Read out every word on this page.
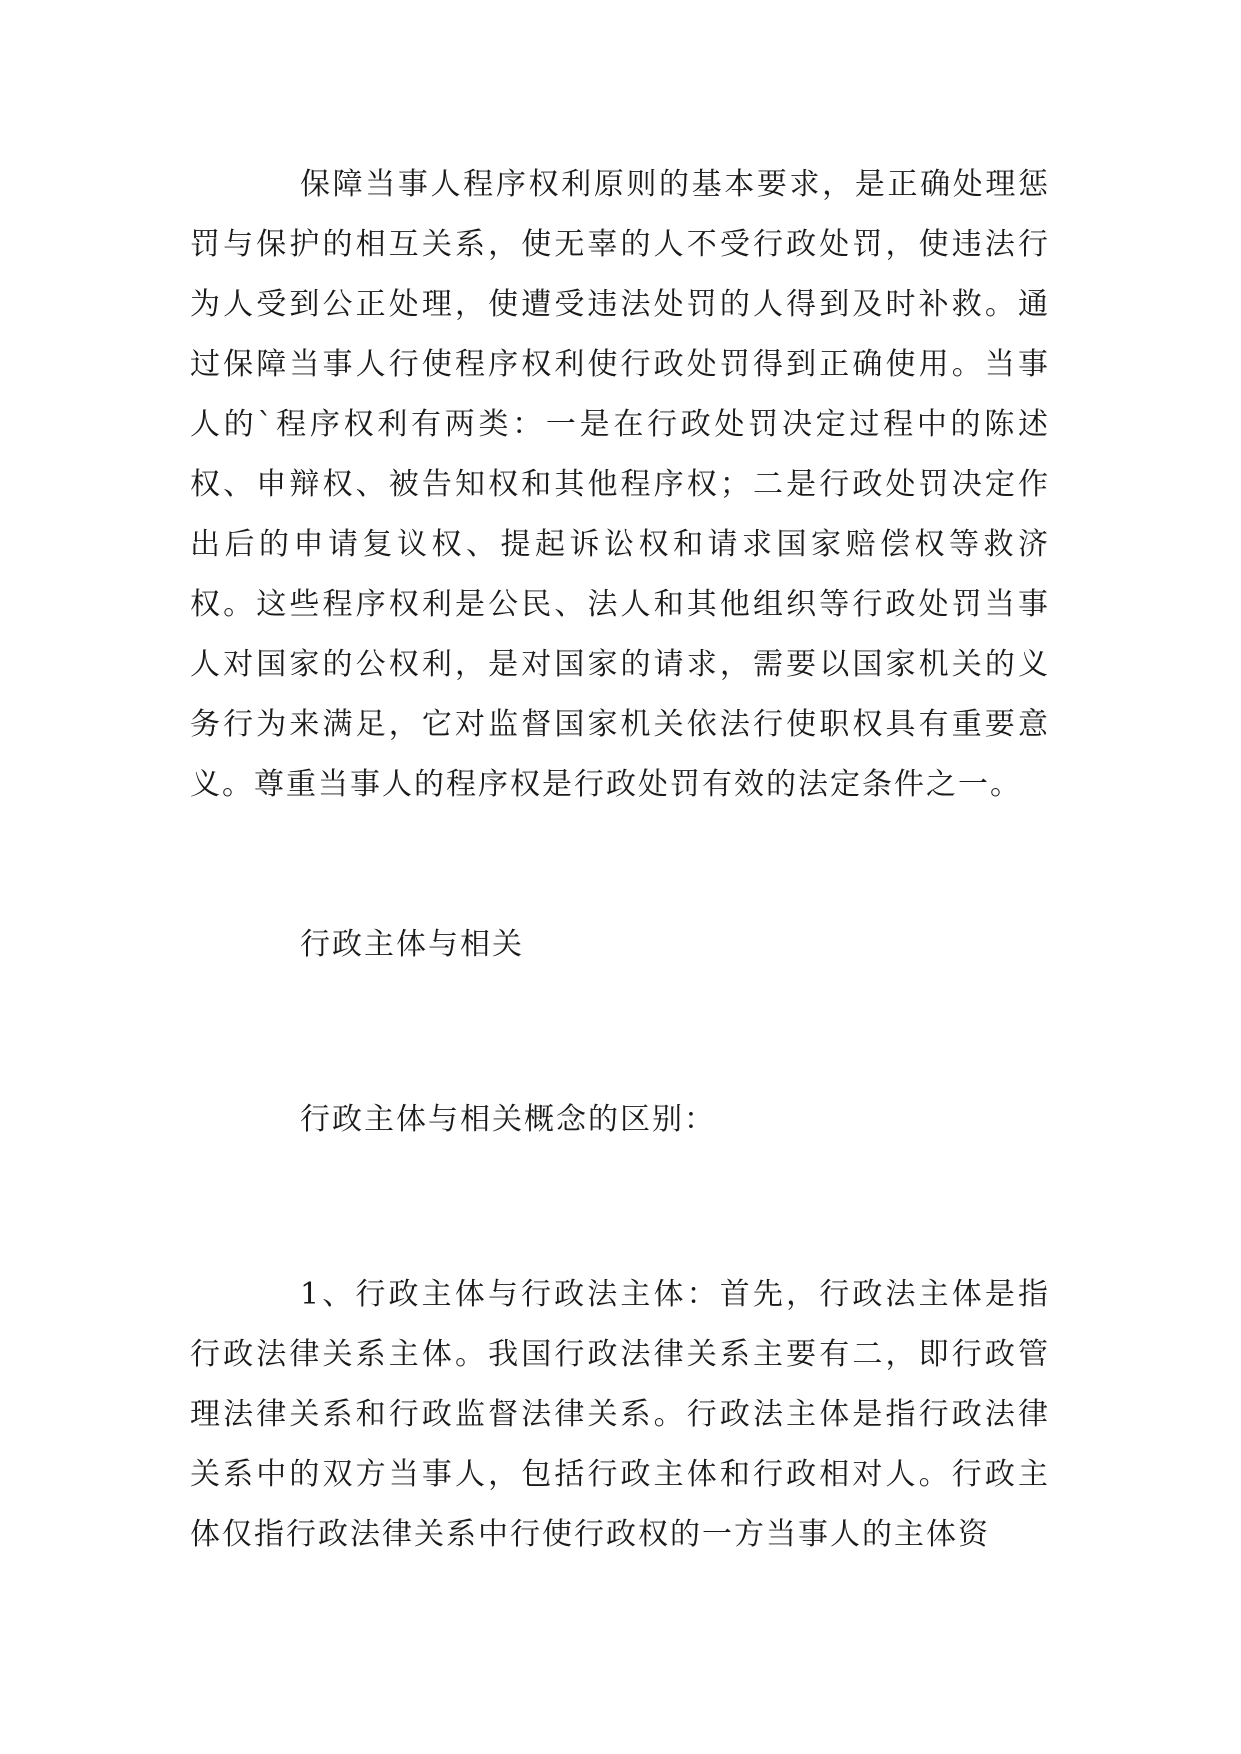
保障当事人程序权利原则的基本要求，是正确处理惩罚与保护的相互关系，使无辜的人不受行政处罚，使违法行为人受到公正处理，使遭受违法处罚的人得到及时补救。通过保障当事人行使程序权利使行政处罚得到正确使用。当事人的`程序权利有两类：一是在行政处罚决定过程中的陈述权、申辩权、被告知权和其他程序权；二是行政处罚决定作出后的申请复议权、提起诉讼权和请求国家赔偿权等救济权。这些程序权利是公民、法人和其他组织等行政处罚当事人对国家的公权利，是对国家的请求，需要以国家机关的义务行为来满足，它对监督国家机关依法行使职权具有重要意义。尊重当事人的程序权是行政处罚有效的法定条件之一。

行政主体与相关

行政主体与相关概念的区别：

1、行政主体与行政法主体：首先，行政法主体是指行政法律关系主体。我国行政法律关系主要有二，即行政管理法律关系和行政监督法律关系。行政法主体是指行政法律关系中的双方当事人，包括行政主体和行政相对人。行政主体仅指行政法律关系中行使行政权的一方当事人的主体资
